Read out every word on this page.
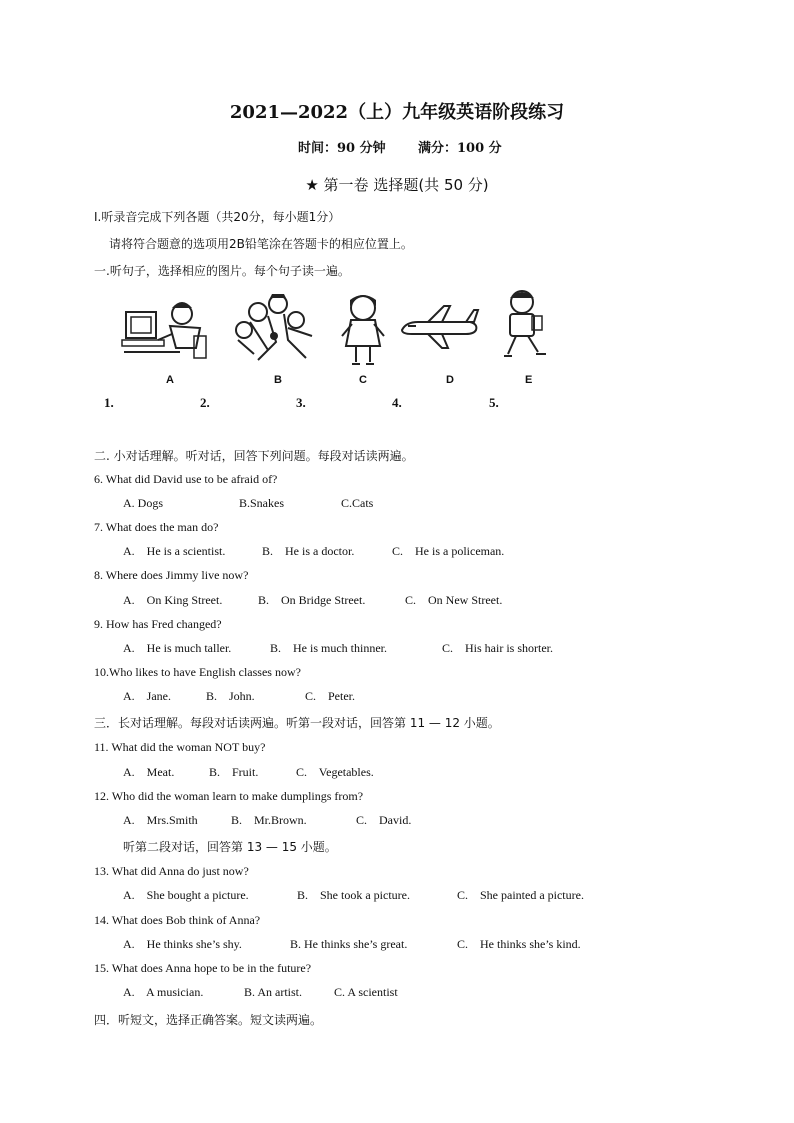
2021—2022（上）九年级英语阶段练习
时间：90 分钟 满分：100 分
★ 第一卷 选择题(共 50 分)
Ⅰ.听录音完成下列各题（共20分，每小题1分）
请将符合题意的选项用2B铅笔涂在答题卡的相应位置上。
一.听句子，选择相应的图片。每个句子读一遍。
A	B	C	D	E
1.	2.	3.	4.	5.
二. 小对话理解。听对话，回答下列问题。每段对话读两遍。
6. What did David use to be afraid of?
A. Dogs	B.Snakes	C.Cats
7. What does the man do?
A.    He is a scientist.	B.    He is a doctor.	C.    He is a policeman.
8. Where does Jimmy live now?
A.    On King Street.	B.    On Bridge Street.	C.    On New Street.
9. How has Fred changed?
A.    He is much taller.	B.    He is much thinner.	C.    His hair is shorter.
10.Who likes to have English classes now?
A.    Jane.	B.    John.	C.    Peter.
三．长对话理解。每段对话读两遍。听第一段对话，回答第 11 — 12 小题。
11. What did the woman NOT buy?
A.    Meat.	B.    Fruit.	C.    Vegetables.
12. Who did the woman learn to make dumplings from?
A.    Mrs.Smith	B.    Mr.Brown.	C.    David.
听第二段对话，回答第 13 — 15 小题。
13. What did Anna do just now?
A.    She bought a picture.	B.    She took a picture.	C.    She painted a picture.
14. What does Bob think of Anna?
A.    He thinks she’s shy.	B. He thinks she’s great.	C.    He thinks she’s kind.
15. What does Anna hope to be in the future?
A.    A musician.	B. An artist.	C. A scientist
四．听短文，选择正确答案。短文读两遍。
